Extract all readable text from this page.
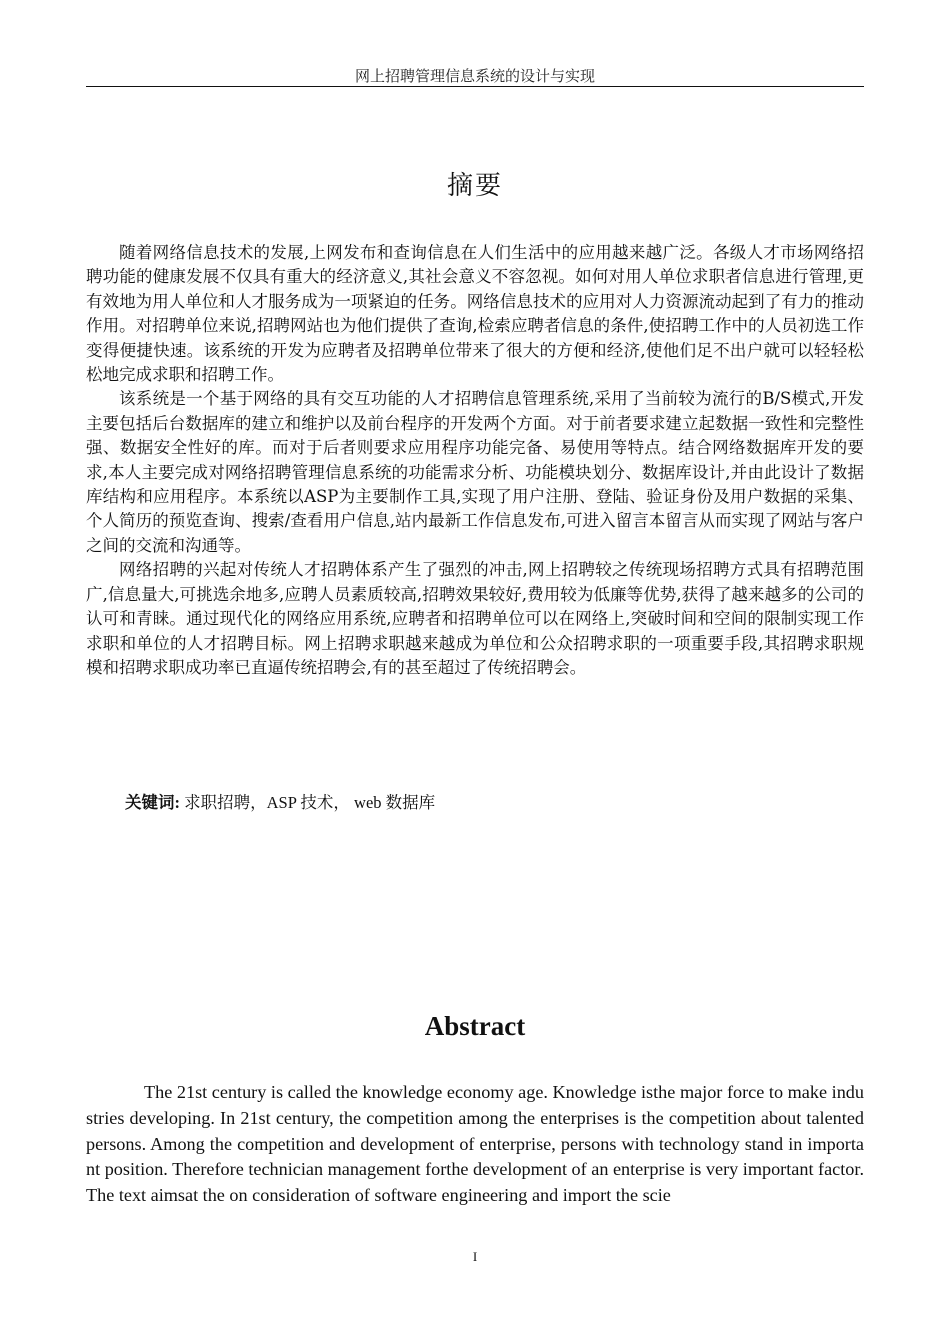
网上招聘管理信息系统的设计与实现
摘要

随着网络信息技术的发展,上网发布和查询信息在人们生活中的应用越来越广泛。各级人才市场网络招聘功能的健康发展不仅具有重大的经济意义,其社会意义不容忽视。如何对用人单位求职者信息进行管理,更有效地为用人单位和人才服务成为一项紧迫的任务。网络信息技术的应用对人力资源流动起到了有力的推动作用。对招聘单位来说,招聘网站也为他们提供了查询,检索应聘者信息的条件,使招聘工作中的人员初选工作变得便捷快速。该系统的开发为应聘者及招聘单位带来了很大的方便和经济,使他们足不出户就可以轻轻松松地完成求职和招聘工作。

该系统是一个基于网络的具有交互功能的人才招聘信息管理系统,采用了当前较为流行的B/S模式,开发主要包括后台数据库的建立和维护以及前台程序的开发两个方面。对于前者要求建立起数据一致性和完整性强、数据安全性好的库。而对于后者则要求应用程序功能完备、易使用等特点。结合网络数据库开发的要求,本人主要完成对网络招聘管理信息系统的功能需求分析、功能模块划分、数据库设计,并由此设计了数据库结构和应用程序。本系统以ASP为主要制作工具,实现了用户注册、登陆、验证身份及用户数据的采集、个人简历的预览查询、搜索/查看用户信息,站内最新工作信息发布,可进入留言本留言从而实现了网站与客户之间的交流和沟通等。

网络招聘的兴起对传统人才招聘体系产生了强烈的冲击,网上招聘较之传统现场招聘方式具有招聘范围广,信息量大,可挑选余地多,应聘人员素质较高,招聘效果较好,费用较为低廉等优势,获得了越来越多的公司的认可和青睐。通过现代化的网络应用系统,应聘者和招聘单位可以在网络上,突破时间和空间的限制实现工作求职和单位的人才招聘目标。网上招聘求职越来越成为单位和公众招聘求职的一项重要手段,其招聘求职规模和招聘求职成功率已直逼传统招聘会,有的甚至超过了传统招聘会。

关键词: 求职招聘，ASP 技术， web 数据库
Abstract

The 21st century is called the knowledge economy age. Knowledge isthe major force to make industries developing. In 21st century, the competition among the enterprises is the competition about talented persons. Among the competition and development of enterprise, persons with technology stand in important position. Therefore technician management forthe development of an enterprise is very important factor.The text aimsat the on consideration of software engineering and import the scie

I
